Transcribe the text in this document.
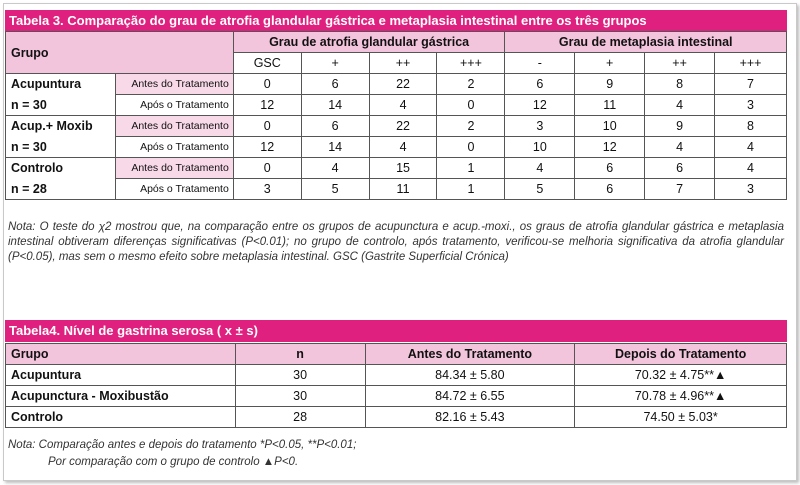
Tabela 3. Comparação do grau de atrofia glandular gástrica e metaplasia intestinal entre os três grupos
Grupo		Grau de atrofia glandular gástrica				Grau de metaplasia intestinal			
		GSC	+	++	+++	-	+	++	+++
Acupuntura	Antes do Tratamento	0	6	22	2	6	9	8	7
n = 30	Após o Tratamento	12	14	4	0	12	11	4	3
Acup.+ Moxib	Antes do Tratamento	0	6	22	2	3	10	9	8
n = 30	Após o Tratamento	12	14	4	0	10	12	4	4
Controlo	Antes do Tratamento	0	4	15	1	4	6	6	4
n = 28	Após o Tratamento	3	5	11	1	5	6	7	3
Nota: O teste do χ2 mostrou que, na comparação entre os grupos de acupunctura e acup.-moxi., os graus de atrofia glandular gástrica e metaplasia intestinal obtiveram diferenças significativas (P<0.01); no grupo de controlo, após tratamento, verificou-se melhoria significativa da atrofia glandular (P<0.05), mas sem o mesmo efeito sobre metaplasia intestinal. GSC (Gastrite Superficial Crónica)
Tabela4. Nível de gastrina serosa ( x ± s)
Grupo	n	Antes do Tratamento	Depois do Tratamento
Acupuntura	30	84.34 ± 5.80	70.32 ± 4.75**▲
Acupunctura - Moxibustão	30	84.72 ± 6.55	70.78 ± 4.96**▲
Controlo	28	82.16 ± 5.43	74.50 ± 5.03*
Nota: Comparação antes e depois do tratamento *P<0.05, **P<0.01;
Por comparação com o grupo de controlo ▲P<0.
